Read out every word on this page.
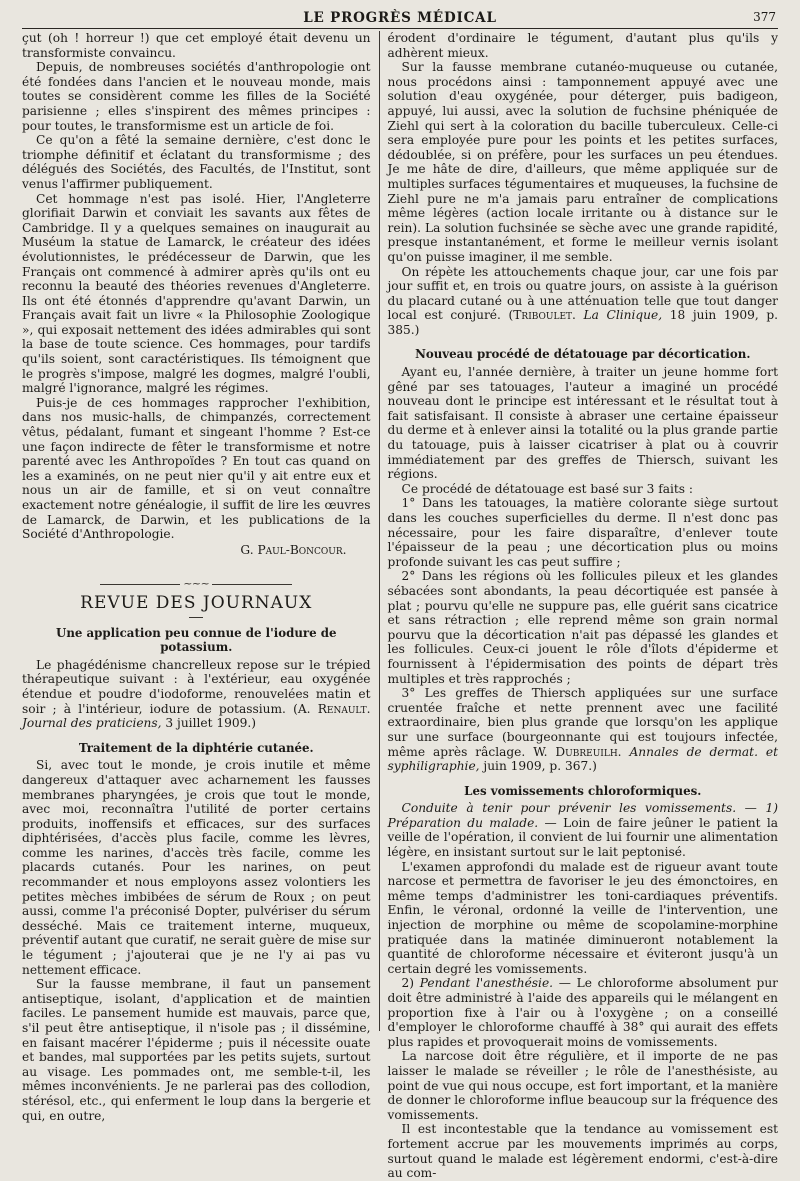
LE PROGRÈS MÉDICAL	377

çut (oh ! horreur !) que cet employé était devenu un transformiste convaincu.

Depuis, de nombreuses sociétés d'anthropologie ont été fondées dans l'ancien et le nouveau monde, mais toutes se considèrent comme les filles de la Société parisienne ; elles s'inspirent des mêmes principes : pour toutes, le transformisme est un article de foi.

Ce qu'on a fêté la semaine dernière, c'est donc le triomphe définitif et éclatant du transformisme ; des délégués des Sociétés, des Facultés, de l'Institut, sont venus l'affirmer publiquement.

Cet hommage n'est pas isolé. Hier, l'Angleterre glorifiait Darwin et conviait les savants aux fêtes de Cambridge. Il y a quelques semaines on inaugurait au Muséum la statue de Lamarck, le créateur des idées évolutionnistes, le prédécesseur de Darwin, que les Français ont commencé à admirer après qu'ils ont eu reconnu la beauté des théories revenues d'Angleterre. Ils ont été étonnés d'apprendre qu'avant Darwin, un Français avait fait un livre « la Philosophie Zoologique », qui exposait nettement des idées admirables qui sont la base de toute science. Ces hommages, pour tardifs qu'ils soient, sont caractéristiques. Ils témoignent que le progrès s'impose, malgré les dogmes, malgré l'oubli, malgré l'ignorance, malgré les régimes.

Puis-je de ces hommages rapprocher l'exhibition, dans nos music-halls, de chimpanzés, correctement vêtus, pédalant, fumant et singeant l'homme ? Est-ce une façon indirecte de fêter le transformisme et notre parenté avec les Anthropoïdes ? En tout cas quand on les a examinés, on ne peut nier qu'il y ait entre eux et nous un air de famille, et si on veut connaître exactement notre généalogie, il suffit de lire les œuvres de Lamarck, de Darwin, et les publications de la Société d'Anthropologie.

G. Paul-Boncour.
~~~
REVUE DES JOURNAUX
Une application peu connue de l'iodure de potassium.

Le phagédénisme chancrelleux repose sur le trépied thérapeutique suivant : à l'extérieur, eau oxygénée étendue et poudre d'iodoforme, renouvelées matin et soir ; à l'intérieur, iodure de potassium. (A. Renault. Journal des praticiens, 3 juillet 1909.)

Traitement de la diphtérie cutanée.

Si, avec tout le monde, je crois inutile et même dangereux d'attaquer avec acharnement les fausses membranes pharyngées, je crois que tout le monde, avec moi, reconnaîtra l'utilité de porter certains produits, inoffensifs et efficaces, sur des surfaces diphtérisées, d'accès plus facile, comme les lèvres, comme les narines, d'accès très facile, comme les placards cutanés. Pour les narines, on peut recommander et nous employons assez volontiers les petites mèches imbibées de sérum de Roux ; on peut aussi, comme l'a préconisé Dopter, pulvériser du sérum desséché. Mais ce traitement interne, muqueux, préventif autant que curatif, ne serait guère de mise sur le tégument ; j'ajouterai que je ne l'y ai pas vu nettement efficace.

Sur la fausse membrane, il faut un pansement antiseptique, isolant, d'application et de maintien faciles. Le pansement humide est mauvais, parce que, s'il peut être antiseptique, il n'isole pas ; il dissémine, en faisant macérer l'épiderme ; puis il nécessite ouate et bandes, mal supportées par les petits sujets, surtout au visage. Les pommades ont, me semble-t-il, les mêmes inconvénients. Je ne parlerai pas des collodion, stérésol, etc., qui enferment le loup dans la bergerie et qui, en outre,

érodent d'ordinaire le tégument, d'autant plus qu'ils y adhèrent mieux.

Sur la fausse membrane cutanéo-muqueuse ou cutanée, nous procédons ainsi : tamponnement appuyé avec une solution d'eau oxygénée, pour déterger, puis badigeon, appuyé, lui aussi, avec la solution de fuchsine phéniquée de Ziehl qui sert à la coloration du bacille tuberculeux. Celle-ci sera employée pure pour les points et les petites surfaces, dédoublée, si on préfère, pour les surfaces un peu étendues. Je me hâte de dire, d'ailleurs, que même appliquée sur de multiples surfaces tégumentaires et muqueuses, la fuchsine de Ziehl pure ne m'a jamais paru entraîner de complications même légères (action locale irritante ou à distance sur le rein). La solution fuchsinée se sèche avec une grande rapidité, presque instantanément, et forme le meilleur vernis isolant qu'on puisse imaginer, il me semble.

On répète les attouchements chaque jour, car une fois par jour suffit et, en trois ou quatre jours, on assiste à la guérison du placard cutané ou à une atténuation telle que tout danger local est conjuré. (Triboulet. La Clinique, 18 juin 1909, p. 385.)

Nouveau procédé de détatouage par décortication.

Ayant eu, l'année dernière, à traiter un jeune homme fort gêné par ses tatouages, l'auteur a imaginé un procédé nouveau dont le principe est intéressant et le résultat tout à fait satisfaisant. Il consiste à abraser une certaine épaisseur du derme et à enlever ainsi la totalité ou la plus grande partie du tatouage, puis à laisser cicatriser à plat ou à couvrir immédiatement par des greffes de Thiersch, suivant les régions.

Ce procédé de détatouage est basé sur 3 faits :

1° Dans les tatouages, la matière colorante siège surtout dans les couches superficielles du derme. Il n'est donc pas nécessaire, pour les faire disparaître, d'enlever toute l'épaisseur de la peau ; une décortication plus ou moins profonde suivant les cas peut suffire ;

2° Dans les régions où les follicules pileux et les glandes sébacées sont abondants, la peau décortiquée est pansée à plat ; pourvu qu'elle ne suppure pas, elle guérit sans cicatrice et sans rétraction ; elle reprend même son grain normal pourvu que la décortication n'ait pas dépassé les glandes et les follicules. Ceux-ci jouent le rôle d'îlots d'épiderme et fournissent à l'épidermisation des points de départ très multiples et très rapprochés ;

3° Les greffes de Thiersch appliquées sur une surface cruentée fraîche et nette prennent avec une facilité extraordinaire, bien plus grande que lorsqu'on les applique sur une surface (bourgeonnante qui est toujours infectée, même après râclage. W. Dubreuilh. Annales de dermat. et syphiligraphie, juin 1909, p. 367.)

Les vomissements chloroformiques.

Conduite à tenir pour prévenir les vomissements. — 1) Préparation du malade. — Loin de faire jeûner le patient la veille de l'opération, il convient de lui fournir une alimentation légère, en insistant surtout sur le lait peptonisé.

L'examen approfondi du malade est de rigueur avant toute narcose et permettra de favoriser le jeu des émonctoires, en même temps d'administrer les toni-cardiaques préventifs. Enfin, le véronal, ordonné la veille de l'intervention, une injection de morphine ou même de scopolamine-morphine pratiquée dans la matinée diminueront notablement la quantité de chloroforme nécessaire et éviteront jusqu'à un certain degré les vomissements.

2) Pendant l'anesthésie. — Le chloroforme absolument pur doit être administré à l'aide des appareils qui le mélangent en proportion fixe à l'air ou à l'oxygène ; on a conseillé d'employer le chloroforme chauffé à 38° qui aurait des effets plus rapides et provoquerait moins de vomissements.

La narcose doit être régulière, et il importe de ne pas laisser le malade se réveiller ; le rôle de l'anesthésiste, au point de vue qui nous occupe, est fort important, et la manière de donner le chloroforme influe beaucoup sur la fréquence des vomissements.

Il est incontestable que la tendance au vomissement est fortement accrue par les mouvements imprimés au corps, surtout quand le malade est légèrement endormi, c'est-à-dire au com-
